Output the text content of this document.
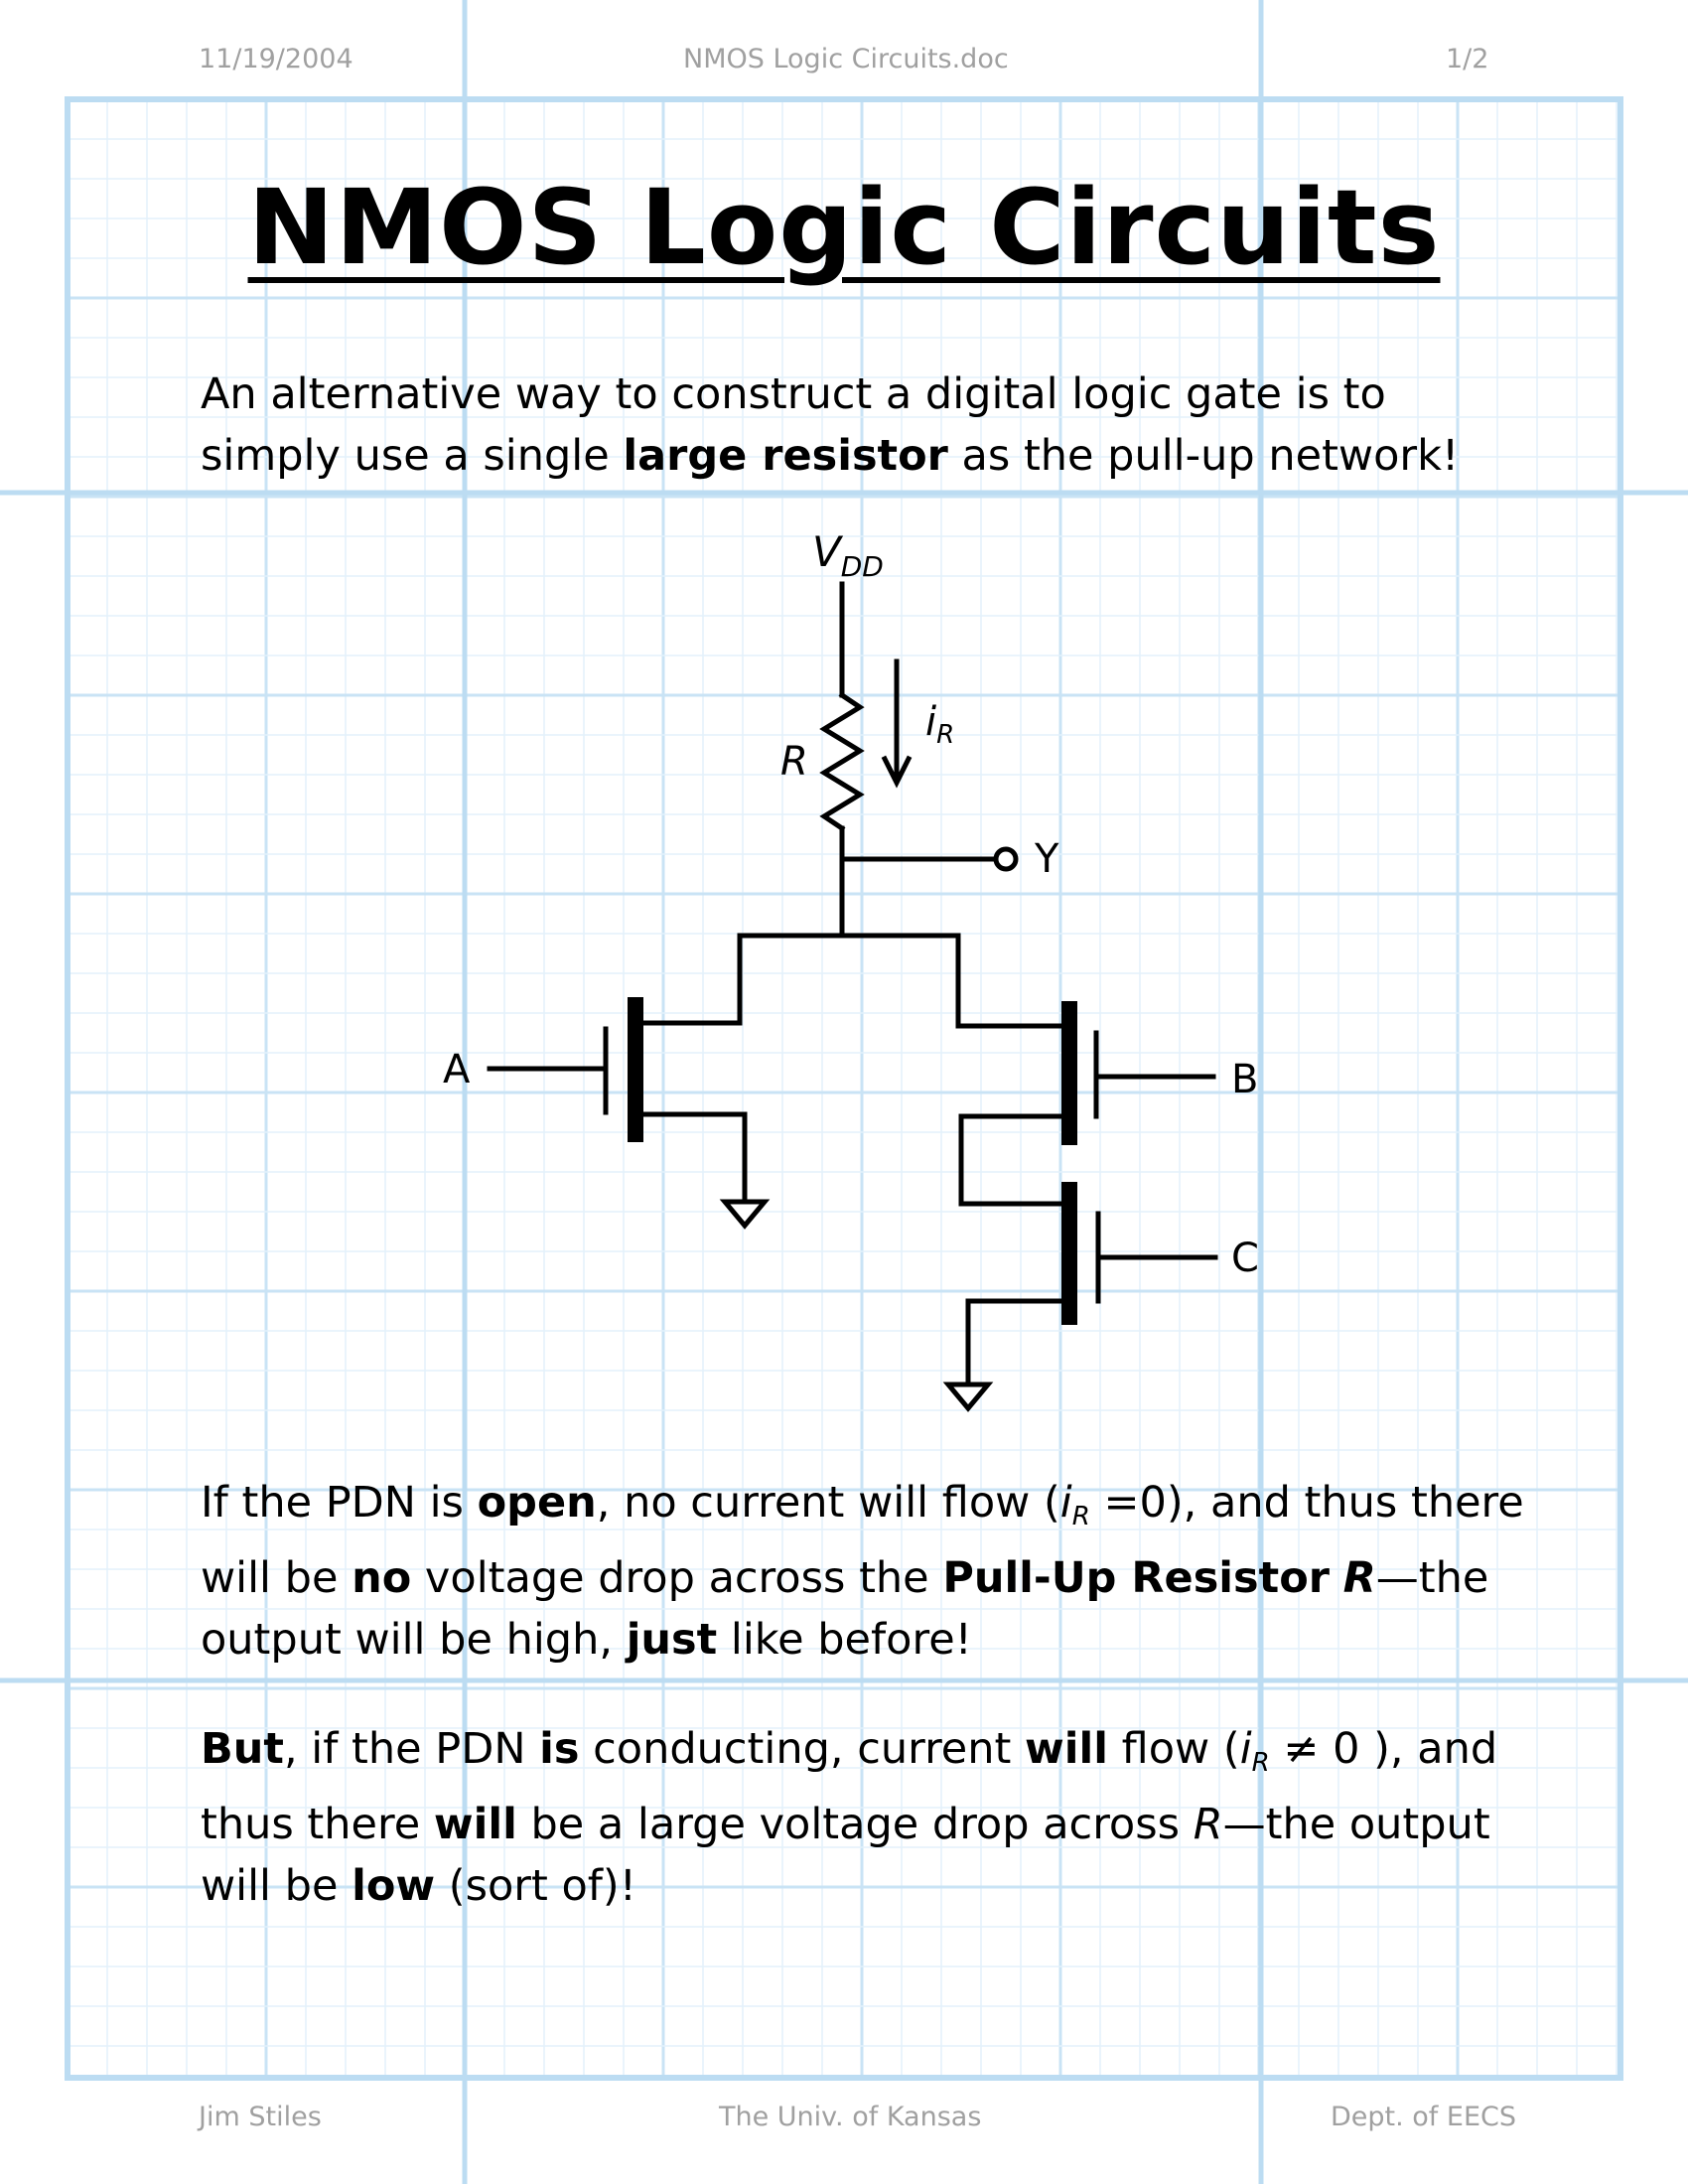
11/19/2004	NMOS Logic Circuits.doc	1/2
NMOS Logic Circuits
An alternative way to construct a digital logic gate is to simply use a single large resistor as the pull-up network!
$V_{DD}$
R
$i_R$
Y
A	B
C
If the PDN is open, no current will flow $(i_R =0)$, and thus there will be no voltage drop across the Pull-Up Resistor R—the output will be high, just like before!
But, if the PDN is conducting, current will flow ($i_R \ne 0$ ), and thus there will be a large voltage drop across R—the output will be low (sort of)!
Jim Stiles	The Univ. of Kansas	Dept. of EECS
